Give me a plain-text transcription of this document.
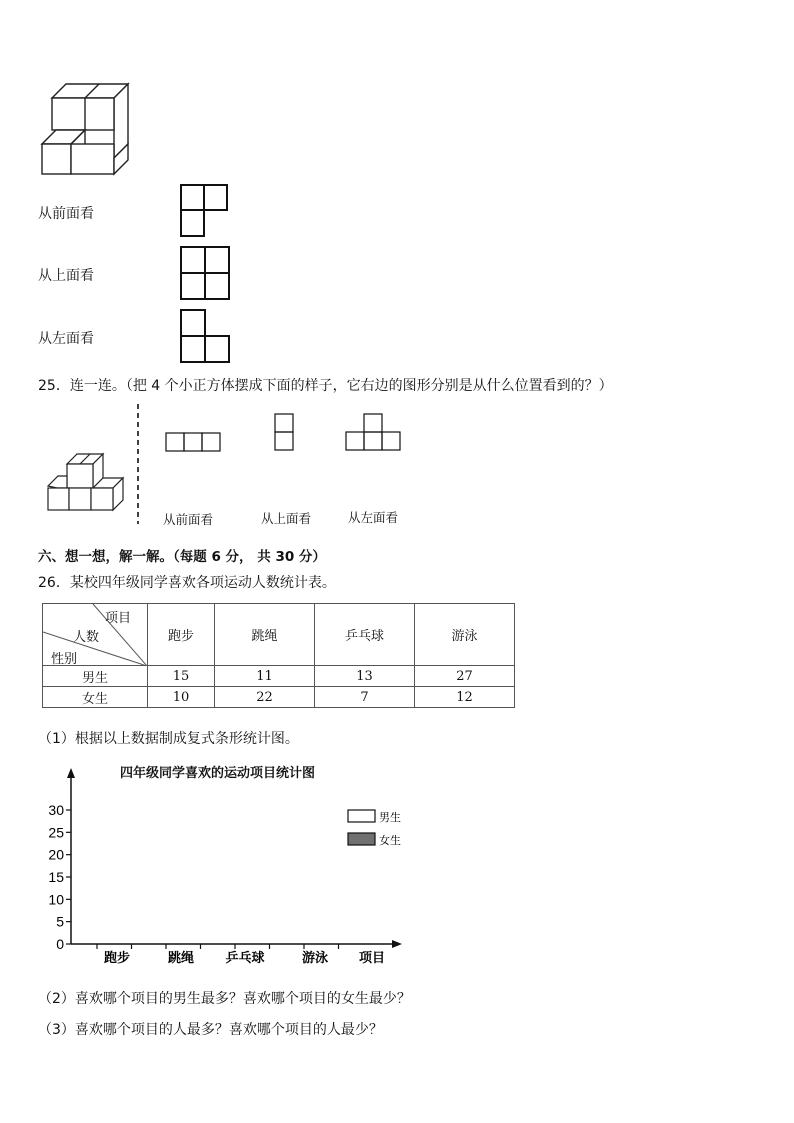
从前面看
从上面看
从左面看
25．连一连。（把 4 个小正方体摆成下面的样子，它右边的图形分别是从什么位置看到的？）
从前面看	从上面看	从左面看
六、想一想，解一解。（每题 6 分， 共 30 分）
26．某校四年级同学喜欢各项运动人数统计表。
项目
人数
性别	跑步	跳绳	乒乓球	游泳
男生	15	11	13	27
女生	10	22	7	12
（1）根据以上数据制成复式条形统计图。
四年级同学喜欢的运动项目统计图
0
5
10
15
20
25
30
跑步	跳绳 乒乓球	游泳 项目
男生
女生
（2）喜欢哪个项目的男生最多？喜欢哪个项目的女生最少？
（3）喜欢哪个项目的人最多？喜欢哪个项目的人最少？
